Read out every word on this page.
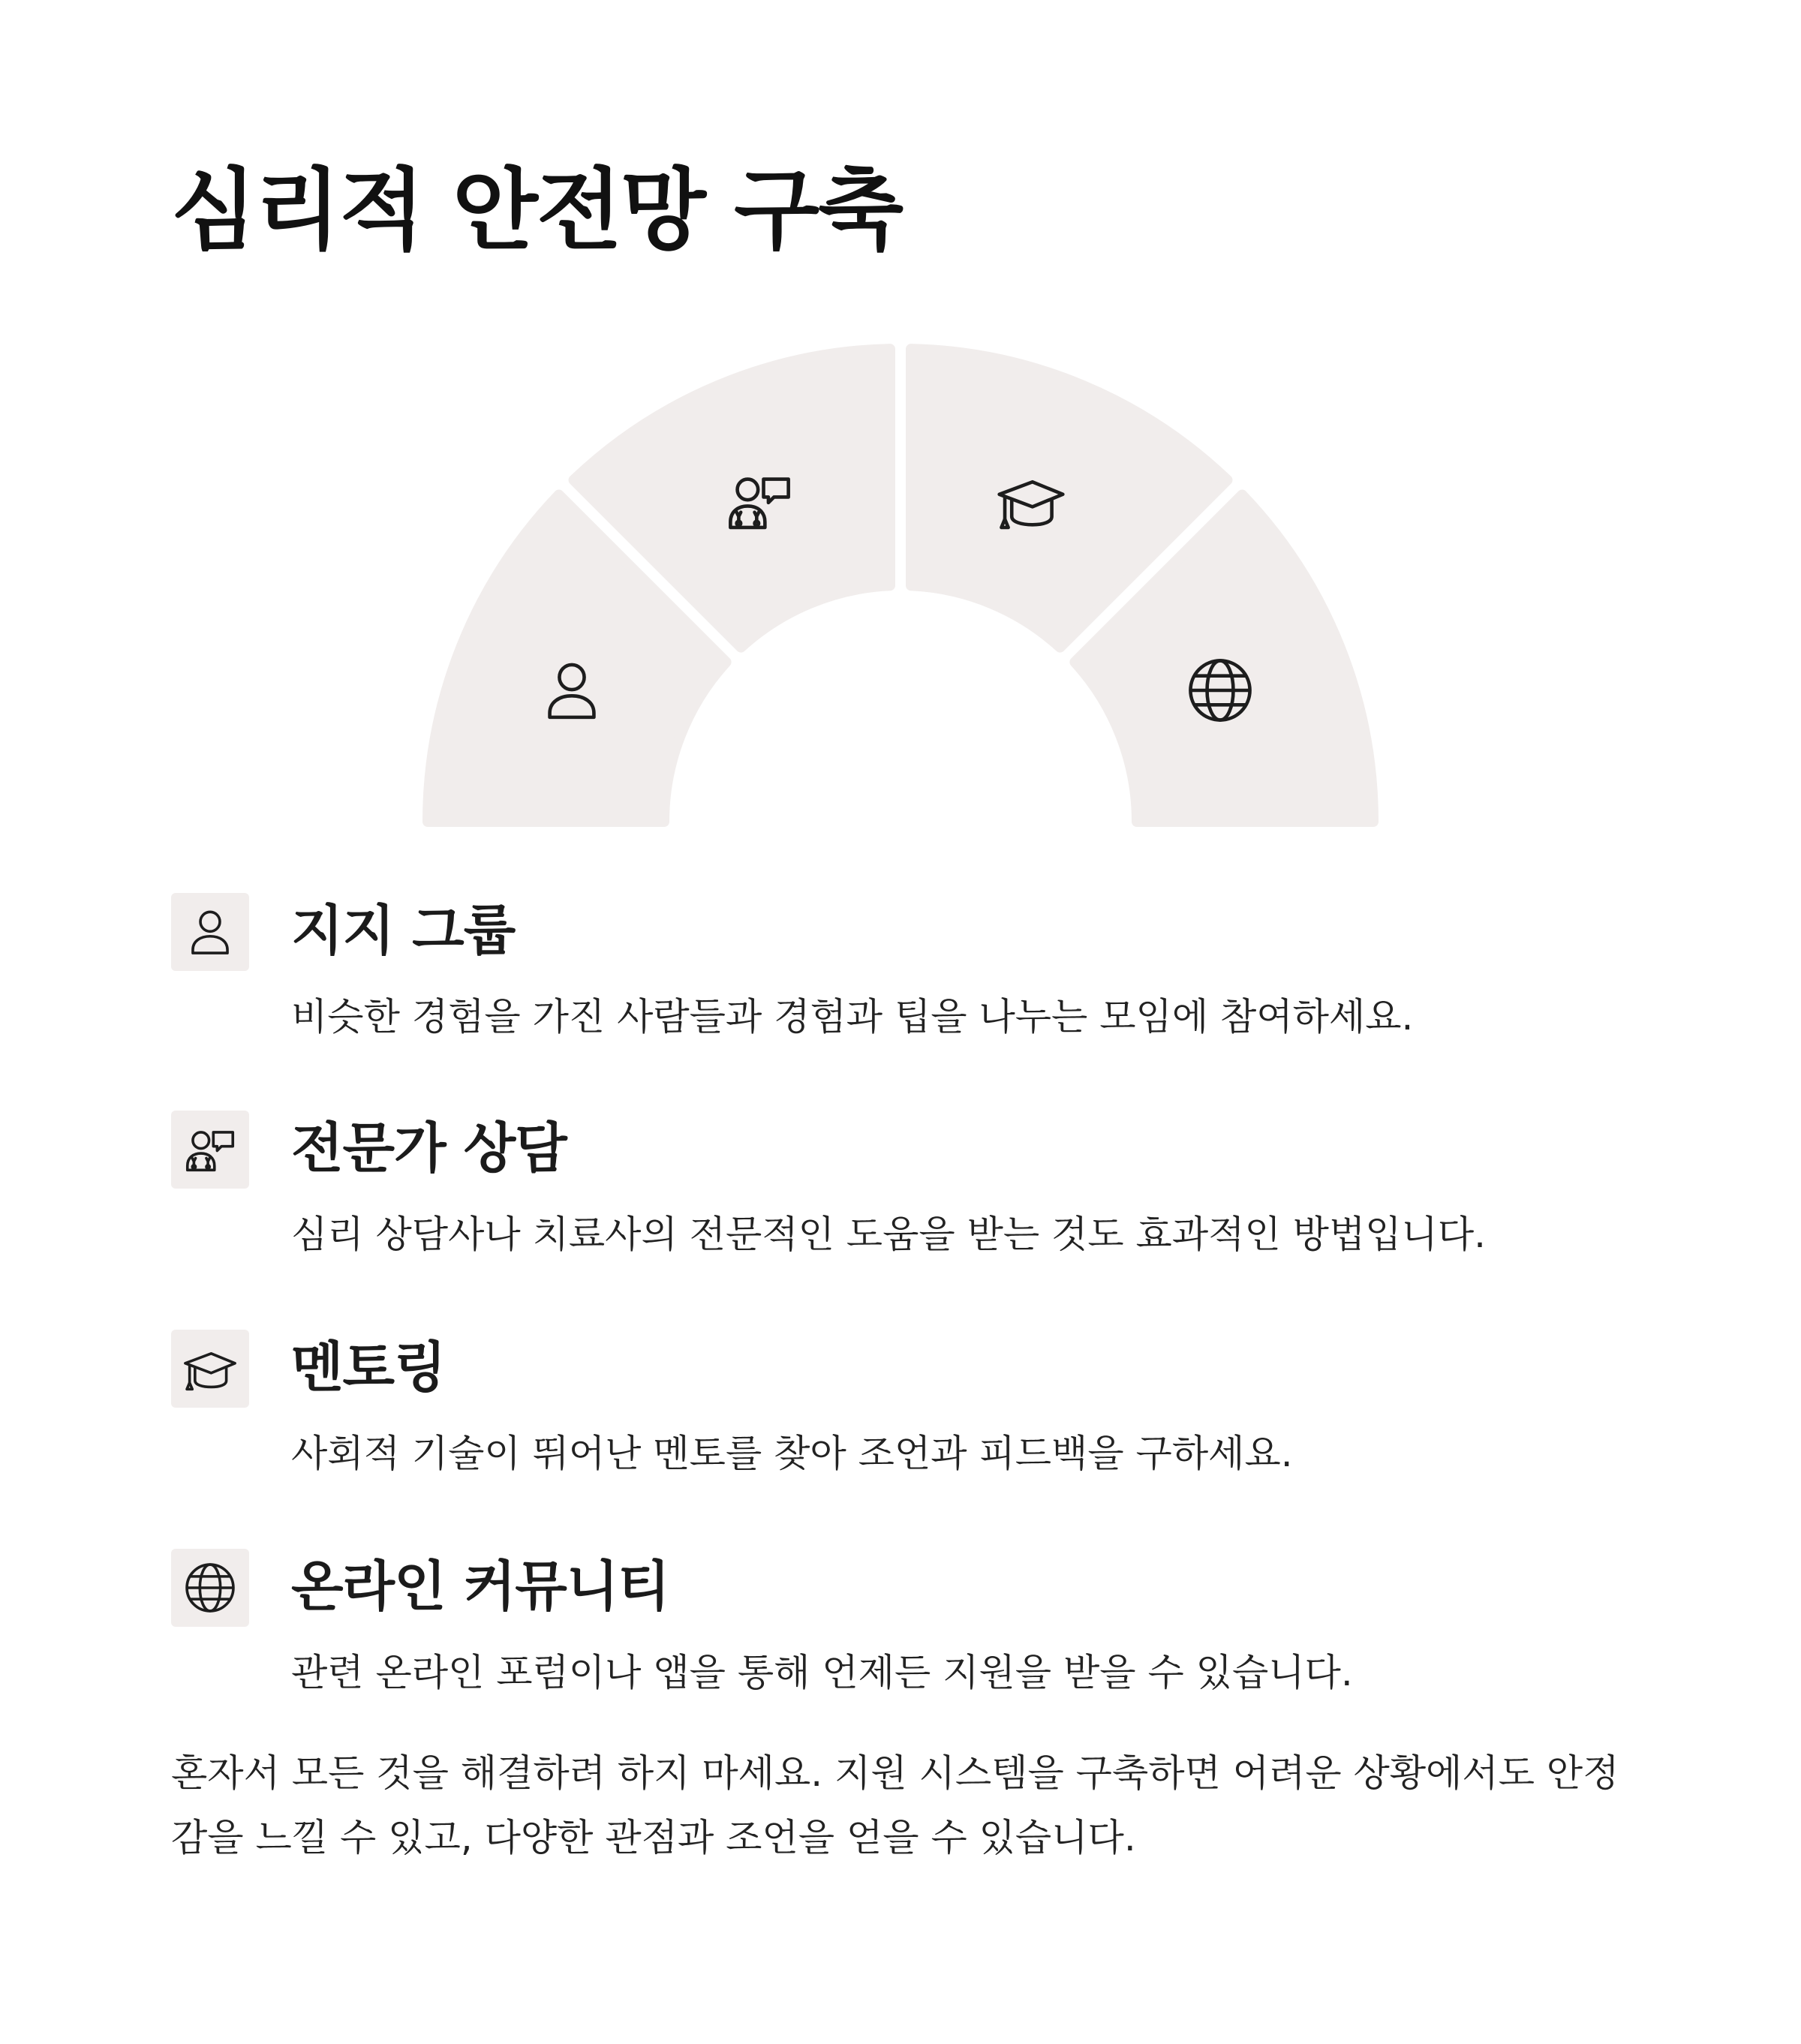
심리적 안전망 구축
지지 그룹

비슷한 경험을 가진 사람들과 경험과 팁을 나누는 모임에 참여하세요.

전문가 상담

심리 상담사나 치료사의 전문적인 도움을 받는 것도 효과적인 방법입니다.

멘토링

사회적 기술이 뛰어난 멘토를 찾아 조언과 피드백을 구하세요.

온라인 커뮤니티

관련 온라인 포럼이나 앱을 통해 언제든 지원을 받을 수 있습니다.

혼자서 모든 것을 해결하려 하지 마세요. 지원 시스템을 구축하면 어려운 상황에서도 안정감을 느낄 수 있고, 다양한 관점과 조언을 얻을 수 있습니다.
